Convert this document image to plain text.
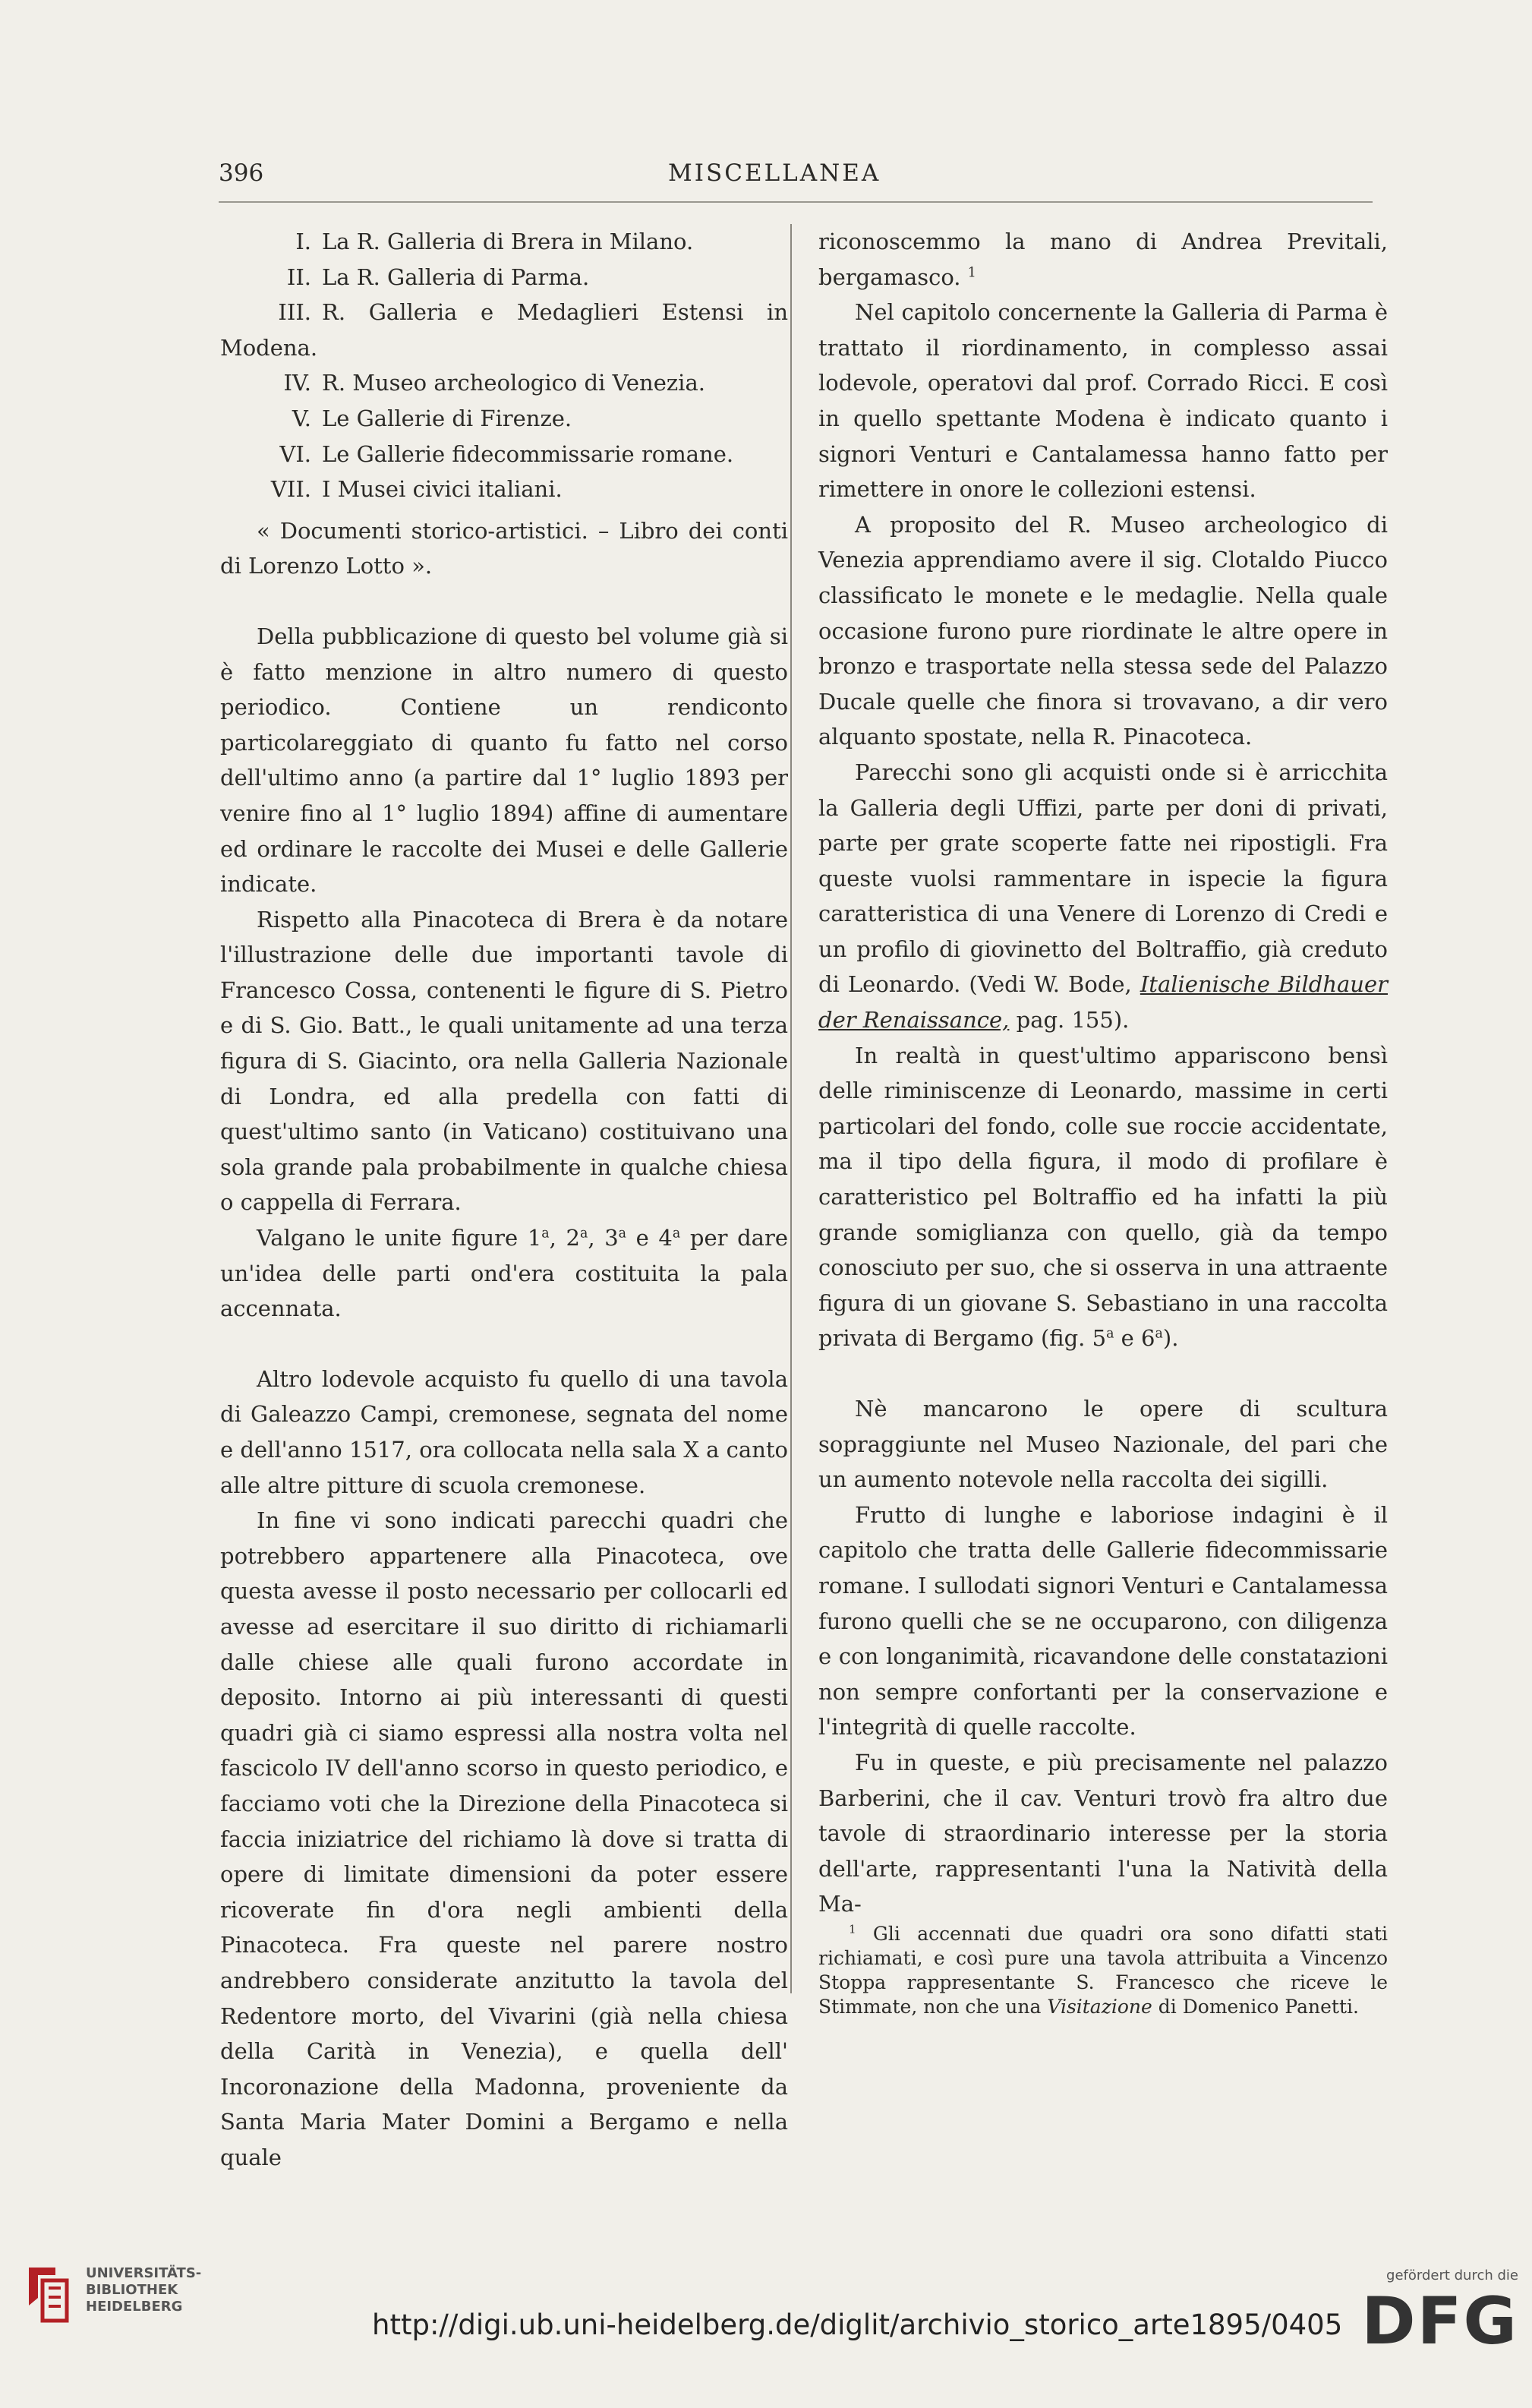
396	MISCELLANEA

I. La R. Galleria di Brera in Milano.

II. La R. Galleria di Parma.

III. R. Galleria e Medaglieri Estensi in Modena.

IV. R. Museo archeologico di Venezia.

V. Le Gallerie di Firenze.

VI. Le Gallerie fidecommissarie romane.

VII. I Musei civici italiani.

« Documenti storico-artistici. – Libro dei conti di Lorenzo Lotto ».

Della pubblicazione di questo bel volume già si è fatto menzione in altro numero di questo periodico. Contiene un rendiconto particolareggiato di quanto fu fatto nel corso dell'ultimo anno (a partire dal 1° luglio 1893 per venire fino al 1° luglio 1894) affine di aumentare ed ordinare le raccolte dei Musei e delle Gallerie indicate.

Rispetto alla Pinacoteca di Brera è da notare l'illustrazione delle due importanti tavole di Francesco Cossa, contenenti le figure di S. Pietro e di S. Gio. Batt., le quali unitamente ad una terza figura di S. Giacinto, ora nella Galleria Nazionale di Londra, ed alla predella con fatti di quest'ultimo santo (in Vaticano) costituivano una sola grande pala probabilmente in qualche chiesa o cappella di Ferrara.

Valgano le unite figure 1$^a$, 2$^a$, 3$^a$ e 4$^a$ per dare un'idea delle parti ond'era costituita la pala accennata.

Altro lodevole acquisto fu quello di una tavola di Galeazzo Campi, cremonese, segnata del nome e dell'anno 1517, ora collocata nella sala X a canto alle altre pitture di scuola cremonese.

In fine vi sono indicati parecchi quadri che potrebbero appartenere alla Pinacoteca, ove questa avesse il posto necessario per collocarli ed avesse ad esercitare il suo diritto di richiamarli dalle chiese alle quali furono accordate in deposito. Intorno ai più interessanti di questi quadri già ci siamo espressi alla nostra volta nel fascicolo IV dell'anno scorso in questo periodico, e facciamo voti che la Direzione della Pinacoteca si faccia iniziatrice del richiamo là dove si tratta di opere di limitate dimensioni da poter essere ricoverate fin d'ora negli ambienti della Pinacoteca. Fra queste nel parere nostro andrebbero considerate anzitutto la tavola del Redentore morto, del Vivarini (già nella chiesa della Carità in Venezia), e quella dell' Incoronazione della Madonna, proveniente da Santa Maria Mater Domini a Bergamo e nella quale

riconoscemmo la mano di Andrea Previtali, bergamasco. $^1$

Nel capitolo concernente la Galleria di Parma è trattato il riordinamento, in complesso assai lodevole, operatovi dal prof. Corrado Ricci. E così in quello spettante Modena è indicato quanto i signori Venturi e Cantalamessa hanno fatto per rimettere in onore le collezioni estensi.

A proposito del R. Museo archeologico di Venezia apprendiamo avere il sig. Clotaldo Piucco classificato le monete e le medaglie. Nella quale occasione furono pure riordinate le altre opere in bronzo e trasportate nella stessa sede del Palazzo Ducale quelle che finora si trovavano, a dir vero alquanto spostate, nella R. Pinacoteca.

Parecchi sono gli acquisti onde si è arricchita la Galleria degli Uffizi, parte per doni di privati, parte per grate scoperte fatte nei ripostigli. Fra queste vuolsi rammentare in ispecie la figura caratteristica di una Venere di Lorenzo di Credi e un profilo di giovinetto del Boltraffio, già creduto di Leonardo. (Vedi W. Bode, Italienische Bildhauer der Renaissance, pag. 155).

In realtà in quest'ultimo appariscono bensì delle riminiscenze di Leonardo, massime in certi particolari del fondo, colle sue roccie accidentate, ma il tipo della figura, il modo di profilare è caratteristico pel Boltraffio ed ha infatti la più grande somiglianza con quello, già da tempo conosciuto per suo, che si osserva in una attraente figura di un giovane S. Sebastiano in una raccolta privata di Bergamo (fig. 5$^a$ e 6$^a$).

Nè mancarono le opere di scultura sopraggiunte nel Museo Nazionale, del pari che un aumento notevole nella raccolta dei sigilli.

Frutto di lunghe e laboriose indagini è il capitolo che tratta delle Gallerie fidecommissarie romane. I sullodati signori Venturi e Cantalamessa furono quelli che se ne occuparono, con diligenza e con longanimità, ricavandone delle constatazioni non sempre confortanti per la conservazione e l'integrità di quelle raccolte.

Fu in queste, e più precisamente nel palazzo Barberini, che il cav. Venturi trovò fra altro due tavole di straordinario interesse per la storia dell'arte, rappresentanti l'una la Natività della Ma-

$^1$ Gli accennati due quadri ora sono difatti stati richiamati, e così pure una tavola attribuita a Vincenzo Stoppa rappresentante S. Francesco che riceve le Stimmate, non che una Visitazione di Domenico Panetti.

UNIVERSITÄTS-
BIBLIOTHEK
HEIDELBERG
http://digi.ub.uni-heidelberg.de/diglit/archivio_storico_arte1895/0405
gefördert durch die
DFG
